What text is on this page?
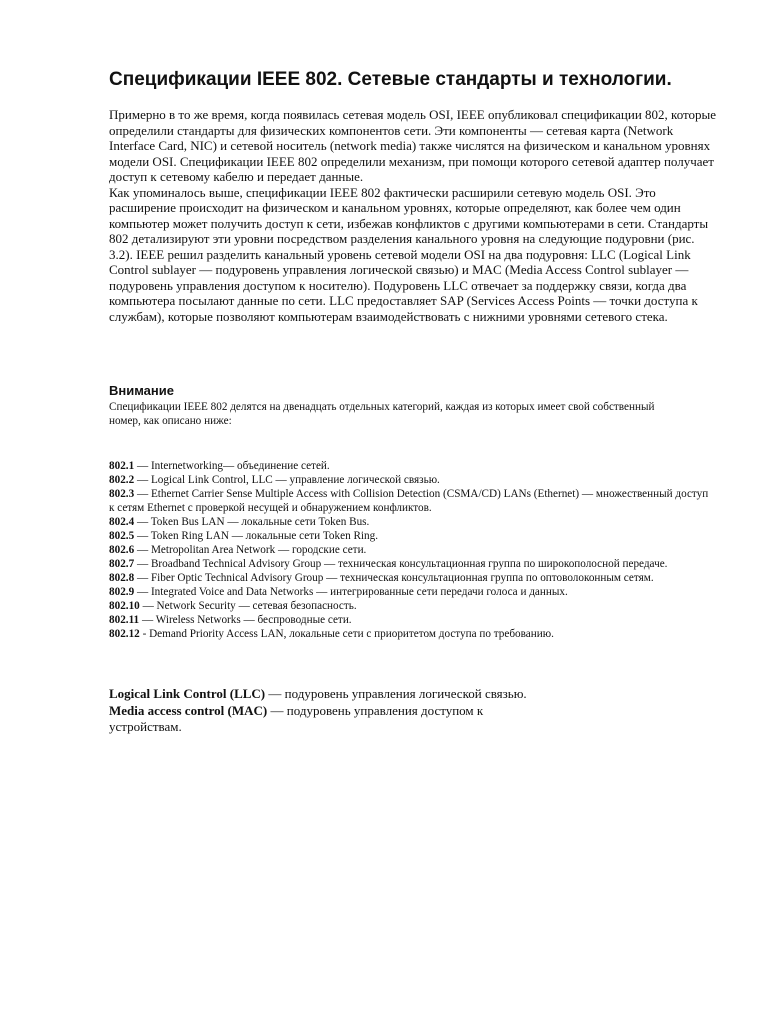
Спецификации IEEE 802. Сетевые стандарты и технологии.

Примерно в то же время, когда появилась сетевая модель OSI, IEEE опубликовал спецификации 802, которые определили стандарты для физических компонентов сети. Эти компоненты — сетевая карта (Network Interface Card, NIC) и сетевой носитель (network media) также числятся на физическом и канальном уровнях модели OSI. Спецификации IEEE 802 определили механизм, при помощи которого сетевой адаптер получает доступ к сетевому кабелю и передает данные.

Как упоминалось выше, спецификации IEEE 802 фактически расширили сетевую модель OSI. Это расширение происходит на физическом и канальном уровнях, которые определяют, как более чем один компьютер может получить доступ к сети, избежав конфликтов с другими компьютерами в сети. Стандарты 802 детализируют эти уровни посредством разделения канального уровня на следующие подуровни (рис. 3.2). IEEE решил разделить канальный уровень сетевой модели OSI на два подуровня: LLC (Logical Link Control sublayer — подуровень управления логической связью) и MAC (Media Access Control sublayer — подуровень управления доступом к носителю). Подуровень LLC отвечает за поддержку связи, когда два компьютера посылают данные по сети. LLC предоставляет SAP (Services Access Points — точки доступа к службам), которые позволяют компьютерам взаимодействовать с нижними уровнями сетевого стека.

Внимание

Спецификации IEEE 802 делятся на двенадцать отдельных категорий, каждая из которых имеет свой собственный номер, как описано ниже:

802.1 — Internetworking— объединение сетей.
802.2 — Logical Link Control, LLC — управление логической связью.
802.3 — Ethernet Carrier Sense Multiple Access with Collision Detection (CSMA/CD) LANs (Ethernet) — множественный доступ к сетям Ethernet с проверкой несущей и обнаружением конфликтов.
802.4 — Token Bus LAN — локальные сети Token Bus.
802.5 — Token Ring LAN — локальные сети Token Ring.
802.6 — Metropolitan Area Network — городские сети.
802.7 — Broadband Technical Advisory Group — техническая консультационная группа по широкополосной передаче.
802.8 — Fiber Optic Technical Advisory Group — техническая консультационная группа по оптоволоконным сетям.
802.9 — Integrated Voice and Data Networks — интегрированные сети передачи голоса и данных.
802.10 — Network Security — сетевая безопасность.
802.11 — Wireless Networks — беспроводные сети.
802.12 - Demand Priority Access LAN, локальные сети с приоритетом доступа по требованию.

Logical Link Control (LLC) — подуровень управления логической связью.

Media access control (MAC) — подуровень управления доступом к устройствам.
